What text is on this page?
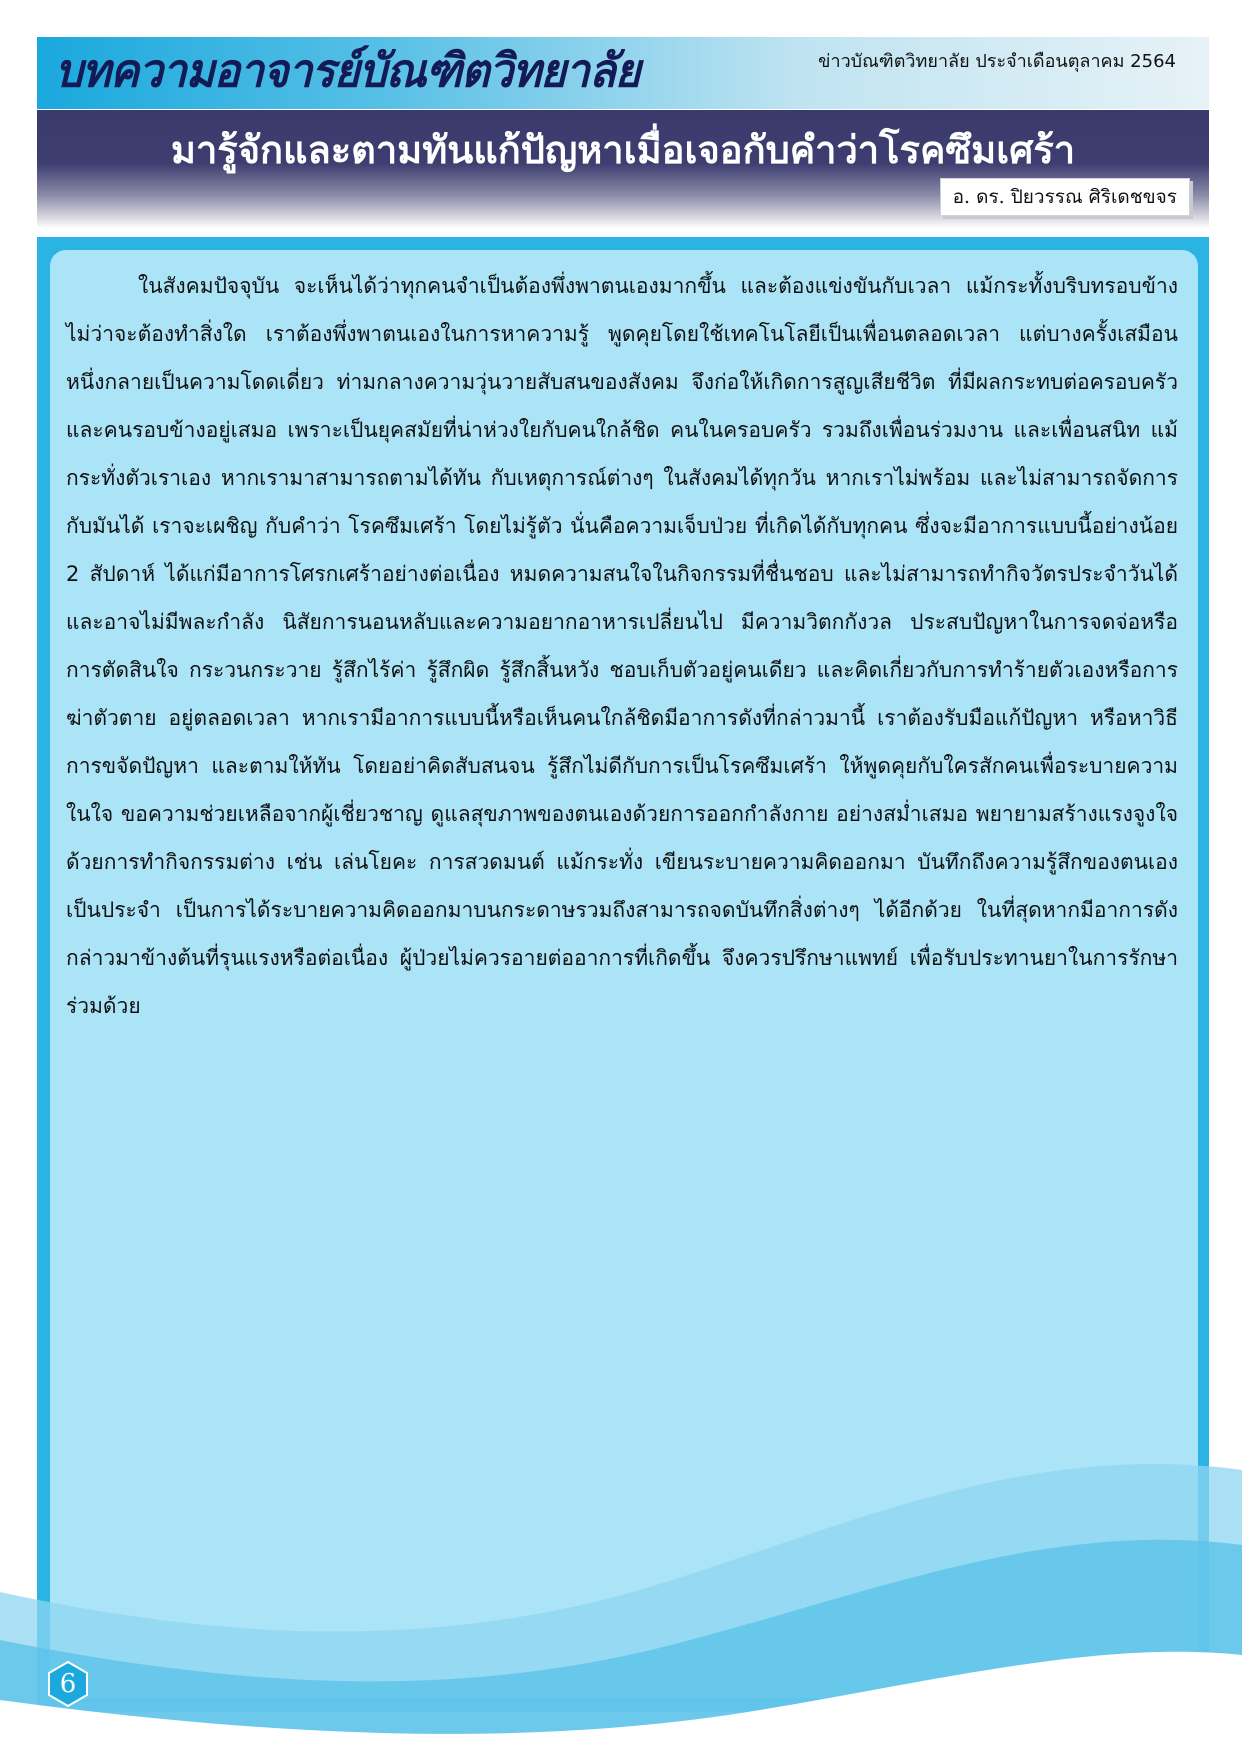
บทความอาจารย์บัณฑิตวิทยาลัย	ข่าวบัณฑิตวิทยาลัย ประจำเดือนตุลาคม 2564
มารู้จักและตามทันแก้ปัญหาเมื่อเจอกับคำว่าโรคซึมเศร้า
อ. ดร. ปิยวรรณ ศิริเดชขจร

ในสังคมปัจจุบัน จะเห็นได้ว่าทุกคนจำเป็นต้องพึ่งพาตนเองมากขึ้น และต้องแข่งขันกับเวลา แม้กระทั้งบริบทรอบข้าง ไม่ว่าจะต้องทำสิ่งใด เราต้องพึ่งพาตนเองในการหาความรู้ พูดคุยโดยใช้เทคโนโลยีเป็นเพื่อนตลอดเวลา แต่บางครั้งเสมือนหนึ่งกลายเป็นความโดดเดี่ยว ท่ามกลางความวุ่นวายสับสนของสังคม จึงก่อให้เกิดการสูญเสียชีวิต ที่มีผลกระทบต่อครอบครัวและคนรอบข้างอยู่เสมอ เพราะเป็นยุคสมัยที่น่าห่วงใยกับคนใกล้ชิด คนในครอบครัว รวมถึงเพื่อนร่วมงาน และเพื่อนสนิท แม้กระทั่งตัวเราเอง หากเรามาสามารถตามได้ทัน กับเหตุการณ์ต่างๆ ในสังคมได้ทุกวัน หากเราไม่พร้อม และไม่สามารถจัดการกับมันได้ เราจะเผชิญ กับคำว่า โรคซึมเศร้า โดยไม่รู้ตัว นั่นคือความเจ็บป่วย ที่เกิดได้กับทุกคน ซึ่งจะมีอาการแบบนี้อย่างน้อย 2 สัปดาห์ ได้แก่มีอาการโศรกเศร้าอย่างต่อเนื่อง หมดความสนใจในกิจกรรมที่ชื่นชอบ และไม่สามารถทำกิจวัตรประจำวันได้ และอาจไม่มีพละกำลัง นิสัยการนอนหลับและความอยากอาหารเปลี่ยนไป มีความวิตกกังวล ประสบปัญหาในการจดจ่อหรือการตัดสินใจ กระวนกระวาย รู้สึกไร้ค่า รู้สึกผิด รู้สึกสิ้นหวัง ชอบเก็บตัวอยู่คนเดียว และคิดเกี่ยวกับการทำร้ายตัวเองหรือการฆ่าตัวตาย อยู่ตลอดเวลา หากเรามีอาการแบบนี้หรือเห็นคนใกล้ชิดมีอาการดังที่กล่าวมานี้ เราต้องรับมือแก้ปัญหา หรือหาวิธีการขจัดปัญหา และตามให้ทัน โดยอย่าคิดสับสนจน รู้สึกไม่ดีกับการเป็นโรคซึมเศร้า ให้พูดคุยกับใครสักคนเพื่อระบายความในใจ ขอความช่วยเหลือจากผู้เชี่ยวชาญ ดูแลสุขภาพของตนเองด้วยการออกกำลังกาย อย่างสม่ำเสมอ พยายามสร้างแรงจูงใจด้วยการทำกิจกรรมต่าง เช่น เล่นโยคะ การสวดมนต์ แม้กระทั่ง เขียนระบายความคิดออกมา บันทึกถึงความรู้สึกของตนเองเป็นประจำ เป็นการได้ระบายความคิดออกมาบนกระดาษรวมถึงสามารถจดบันทึกสิ่งต่างๆ ได้อีกด้วย ในที่สุดหากมีอาการดังกล่าวมาข้างต้นที่รุนแรงหรือต่อเนื่อง ผู้ป่วยไม่ควรอายต่ออาการที่เกิดขึ้น จึงควรปรึกษาแพทย์ เพื่อรับประทานยาในการรักษาร่วมด้วย

6
